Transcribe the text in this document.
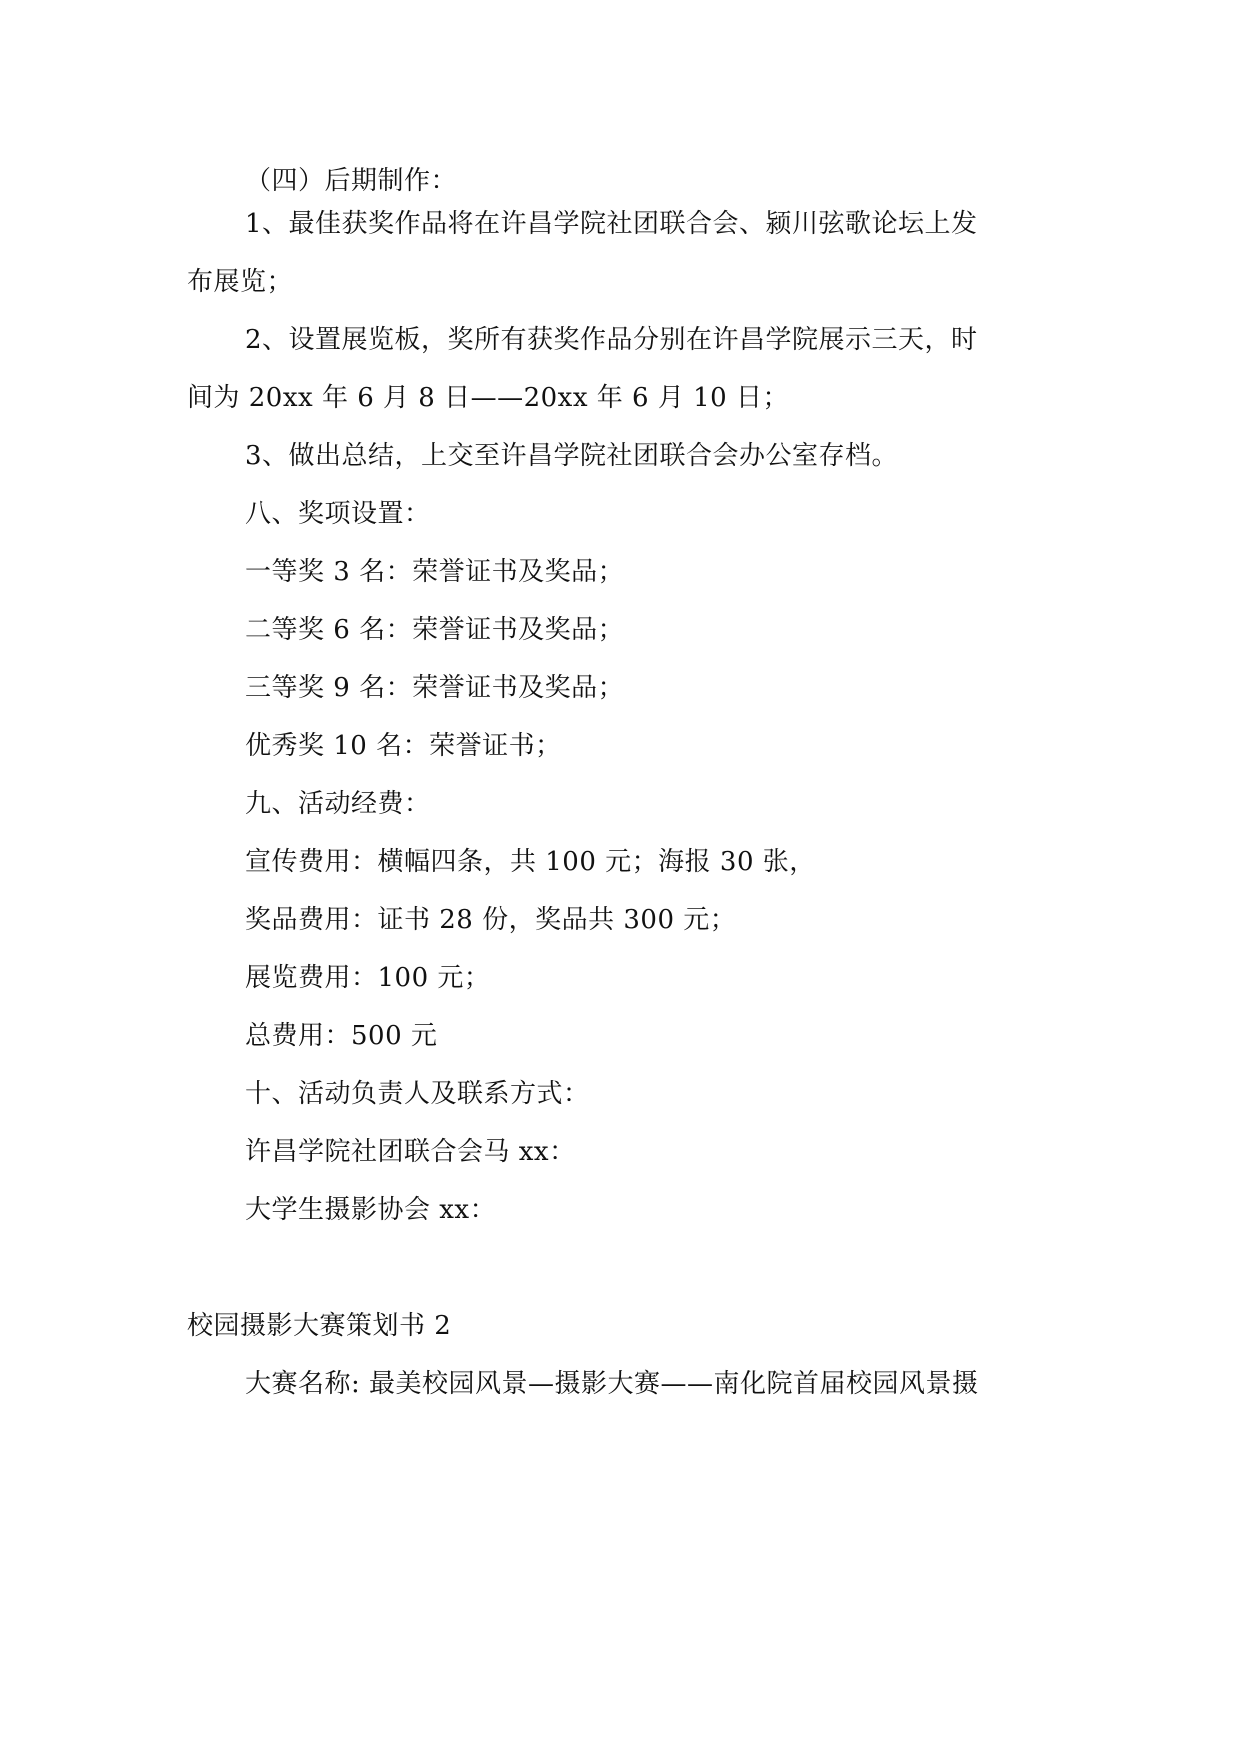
（四）后期制作：
1、最佳获奖作品将在许昌学院社团联合会、颍川弦歌论坛上发
布展览；
2、设置展览板，奖所有获奖作品分别在许昌学院展示三天，时
间为 20xx 年 6 月 8 日——20xx 年 6 月 10 日；
3、做出总结，上交至许昌学院社团联合会办公室存档。
八、奖项设置：
一等奖 3 名：荣誉证书及奖品；
二等奖 6 名：荣誉证书及奖品；
三等奖 9 名：荣誉证书及奖品；
优秀奖 10 名：荣誉证书；
九、活动经费：
宣传费用：横幅四条，共 100 元；海报 30 张，
奖品费用：证书 28 份，奖品共 300 元；
展览费用：100 元；
总费用：500 元
十、活动负责人及联系方式：
许昌学院社团联合会马 xx：
大学生摄影协会 xx：
校园摄影大赛策划书 2
大赛名称: 最美校园风景—摄影大赛——南化院首届校园风景摄
